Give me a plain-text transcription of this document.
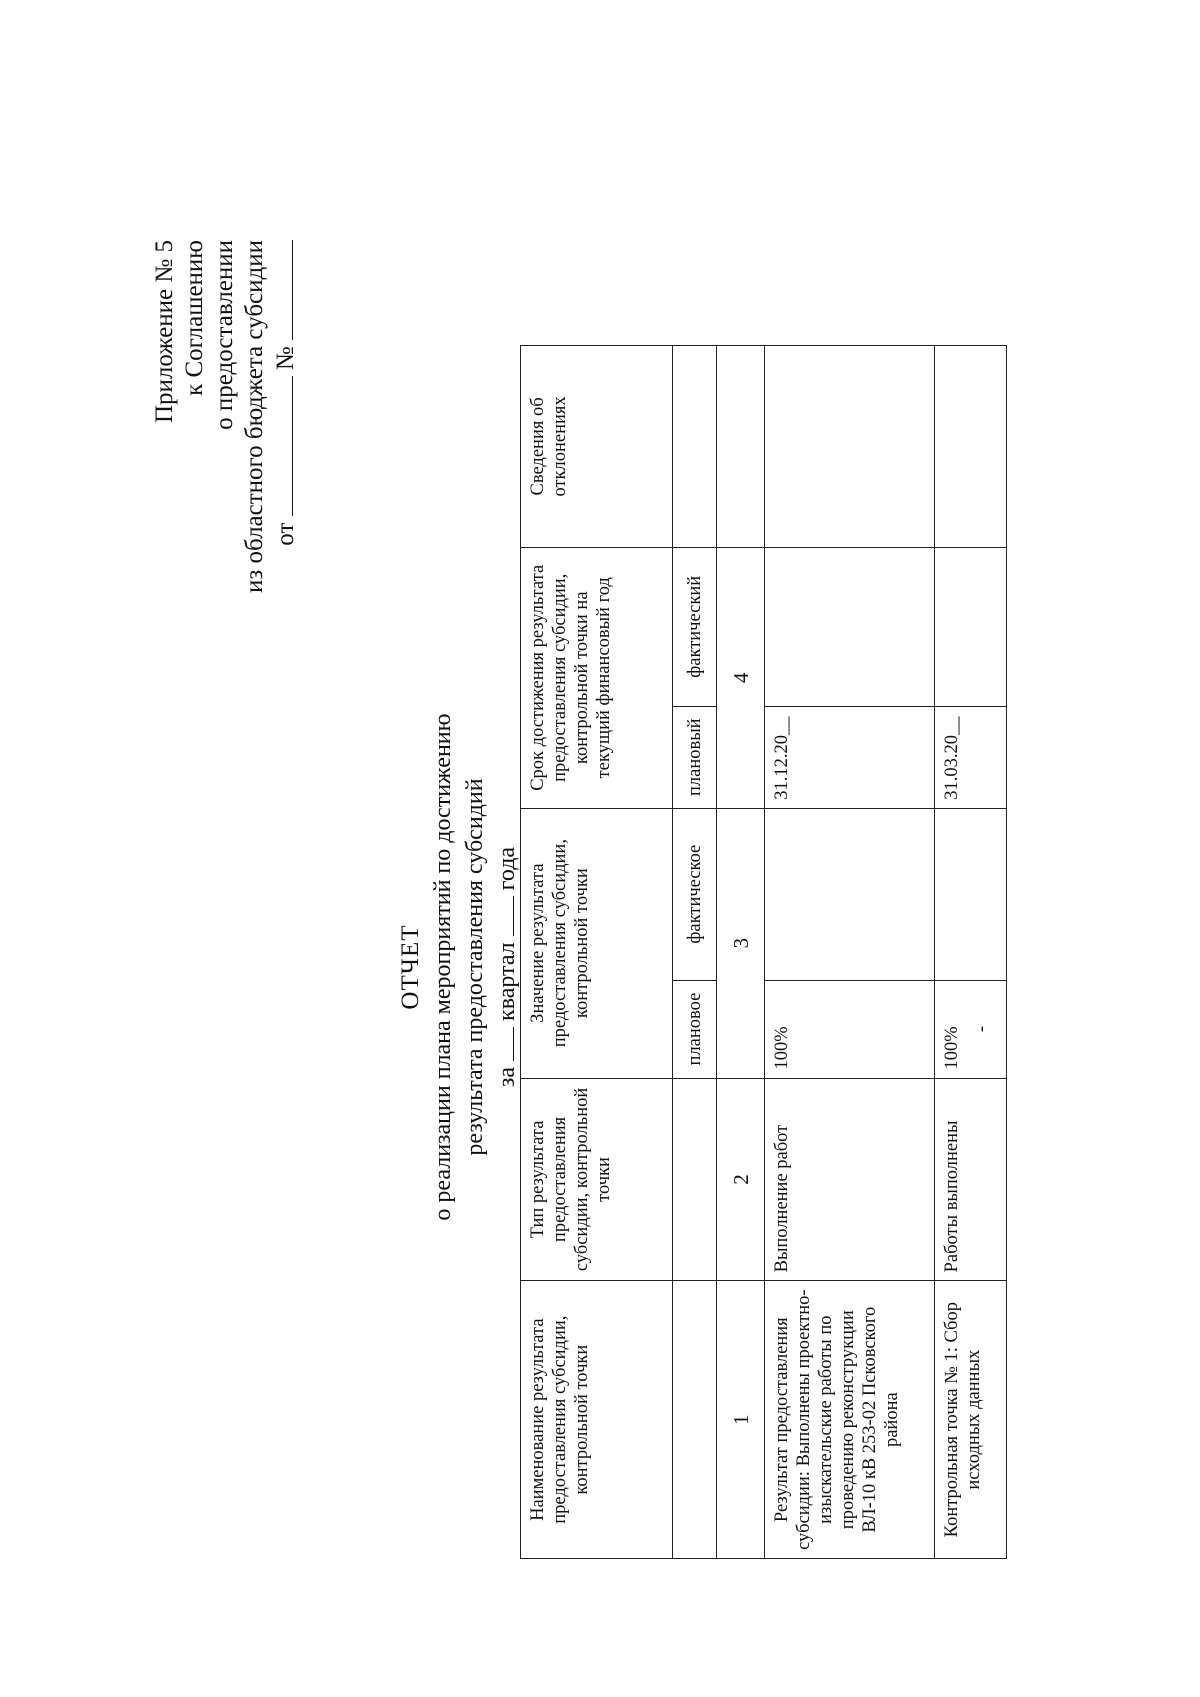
Приложение № 5 к Соглашению о предоставлении из областного бюджета субсидии от  №
ОТЧЕТ о реализации плана мероприятий по достижению результата предоставления субсидий за  квартал  года
Наименование результата предоставления субсидии, контрольной точки	Тип результата предоставления субсидии, контрольной точки	Значение результата предоставления субсидии, контрольной точки		Срок достижения результата предоставления субсидии, контрольной точки на текущий финансовый год		Сведения об отклонениях
		плановое	фактическое	плановый	фактический	
1	2	3		4		
Результат предоставления субсидии: Выполнены проектно-изыскательские работы по проведению реконструкции ВЛ-10 кВ 253-02 Псковского района	Выполнение работ	100%		31.12.20__		
Контрольная точка № 1: Сбор исходных данных	Работы выполнены	100% -		31.03.20__		
